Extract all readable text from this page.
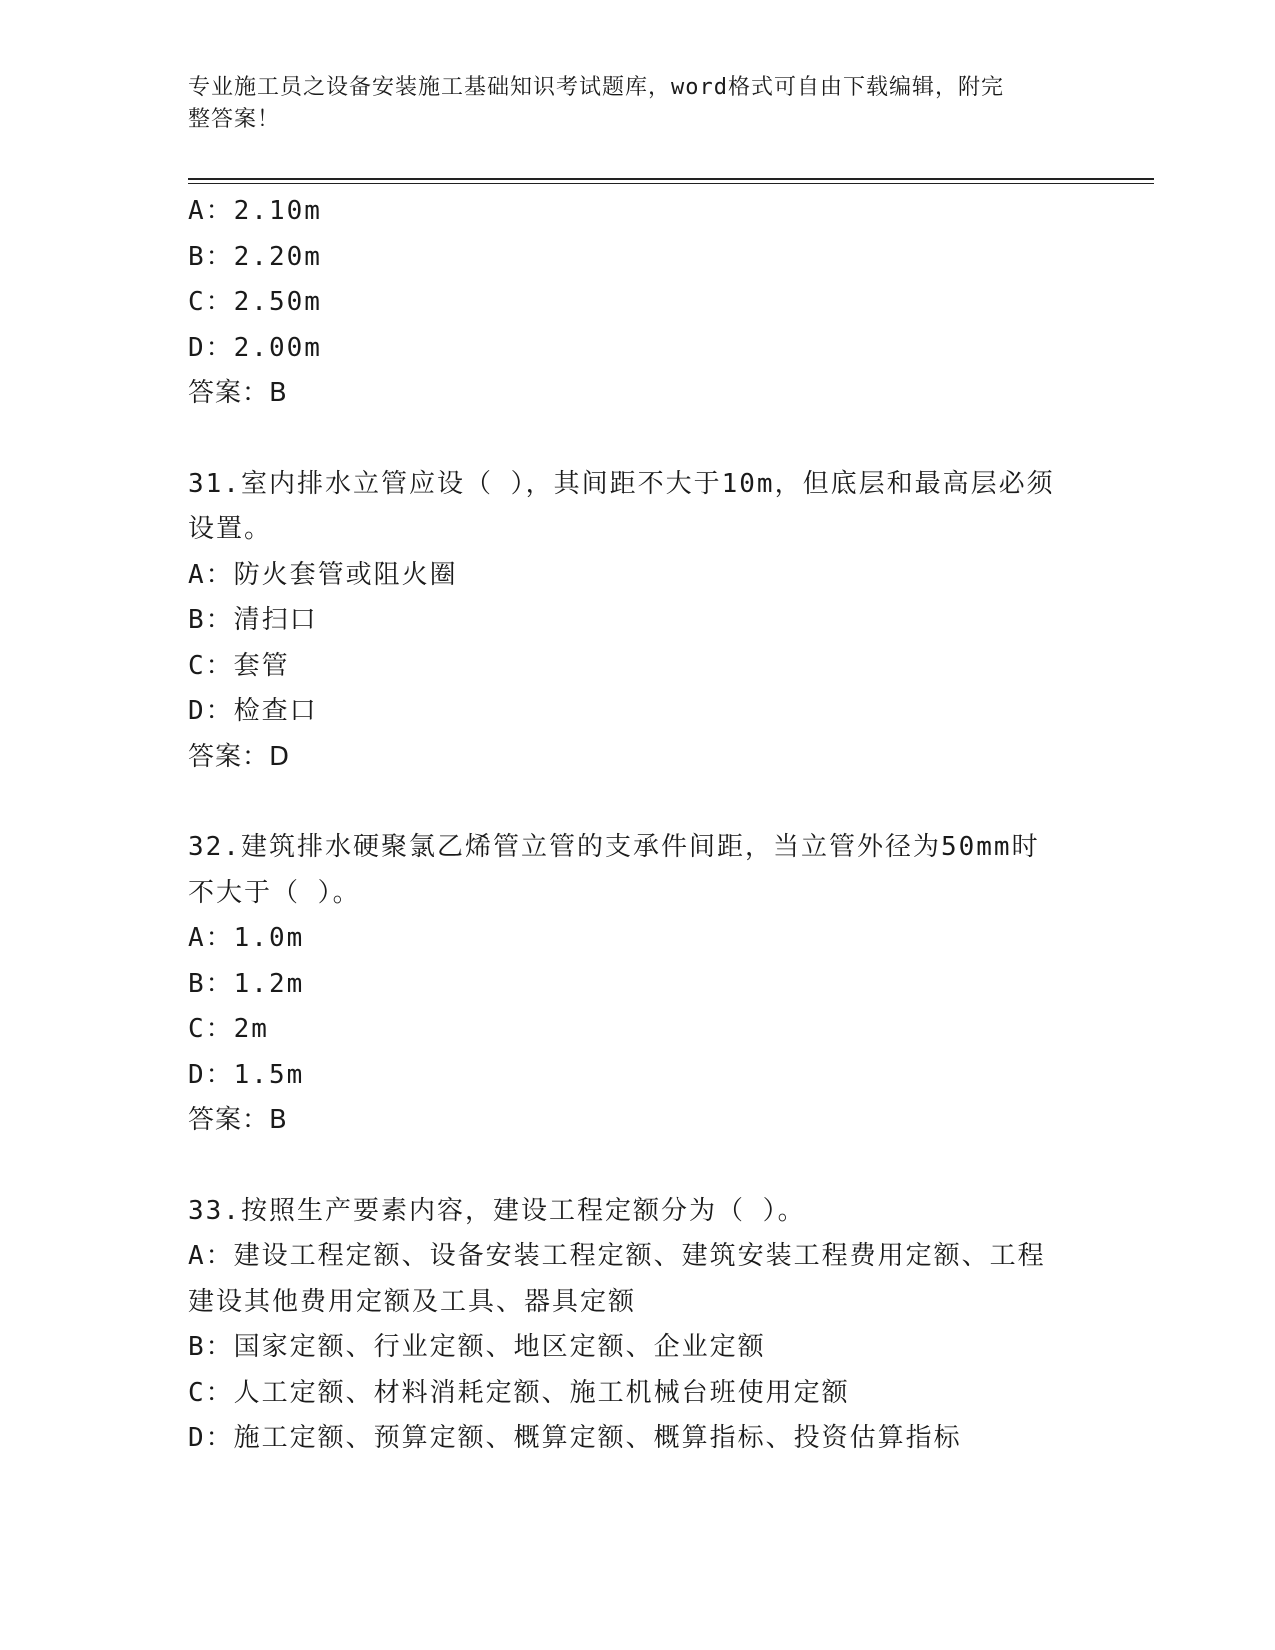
专业施工员之设备安装施工基础知识考试题库，word格式可自由下载编辑，附完
整答案！
A：2.10m
B：2.20m
C：2.50m
D：2.00m
答案：B
31.室内排水立管应设（ ），其间距不大于10m，但底层和最高层必须
设置。
A：防火套管或阻火圈
B：清扫口
C：套管
D：检查口
答案：D
32.建筑排水硬聚氯乙烯管立管的支承件间距，当立管外径为50mm时
不大于（ ）。
A：1.0m
B：1.2m
C：2m
D：1.5m
答案：B
33.按照生产要素内容，建设工程定额分为（ ）。
A：建设工程定额、设备安装工程定额、建筑安装工程费用定额、工程
建设其他费用定额及工具、器具定额
B：国家定额、行业定额、地区定额、企业定额
C：人工定额、材料消耗定额、施工机械台班使用定额
D：施工定额、预算定额、概算定额、概算指标、投资估算指标
